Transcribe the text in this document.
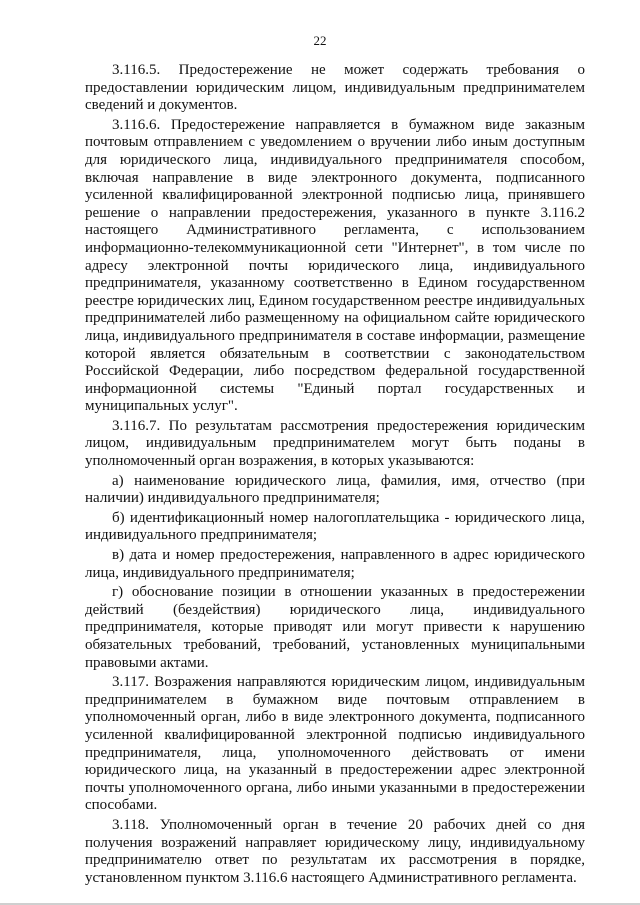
22

3.116.5. Предостережение не может содержать требования о предоставлении юридическим лицом, индивидуальным предпринимателем сведений и документов.

3.116.6. Предостережение направляется в бумажном виде заказным почтовым отправлением с уведомлением о вручении либо иным доступным для юридического лица, индивидуального предпринимателя способом, включая направление в виде электронного документа, подписанного усиленной квалифицированной электронной подписью лица, принявшего решение о направлении предостережения, указанного в пункте 3.116.2 настоящего Административного регламента, с использованием информационно-телекоммуникационной сети "Интернет", в том числе по адресу электронной почты юридического лица, индивидуального предпринимателя, указанному соответственно в Едином государственном реестре юридических лиц, Едином государственном реестре индивидуальных предпринимателей либо размещенному на официальном сайте юридического лица, индивидуального предпринимателя в составе информации, размещение которой является обязательным в соответствии с законодательством Российской Федерации, либо посредством федеральной государственной информационной системы "Единый портал государственных и муниципальных услуг".

3.116.7. По результатам рассмотрения предостережения юридическим лицом, индивидуальным предпринимателем могут быть поданы в уполномоченный орган возражения, в которых указываются:

а) наименование юридического лица, фамилия, имя, отчество (при наличии) индивидуального предпринимателя;

б) идентификационный номер налогоплательщика - юридического лица, индивидуального предпринимателя;

в) дата и номер предостережения, направленного в адрес юридического лица, индивидуального предпринимателя;

г) обоснование позиции в отношении указанных в предостережении действий (бездействия) юридического лица, индивидуального предпринимателя, которые приводят или могут привести к нарушению обязательных требований, требований, установленных муниципальными правовыми актами.

3.117. Возражения направляются юридическим лицом, индивидуальным предпринимателем в бумажном виде почтовым отправлением в уполномоченный орган, либо в виде электронного документа, подписанного усиленной квалифицированной электронной подписью индивидуального предпринимателя, лица, уполномоченного действовать от имени юридического лица, на указанный в предостережении адрес электронной почты уполномоченного органа, либо иными указанными в предостережении способами.

3.118. Уполномоченный орган в течение 20 рабочих дней со дня получения возражений направляет юридическому лицу, индивидуальному предпринимателю ответ по результатам их рассмотрения в порядке, установленном пунктом 3.116.6 настоящего Административного регламента.
